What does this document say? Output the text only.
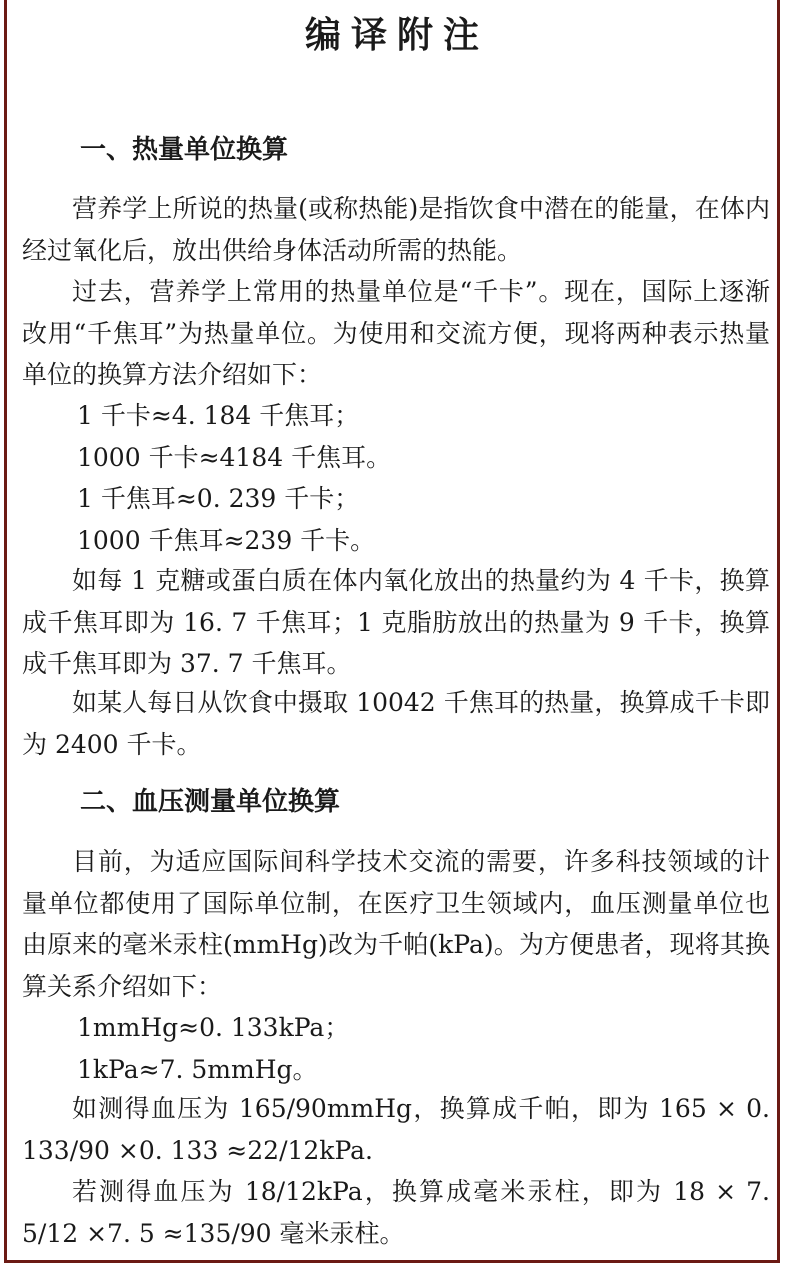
编译附注
一、热量单位换算

营养学上所说的热量(或称热能)是指饮食中潜在的能量，在体内经过氧化后，放出供给身体活动所需的热能。

过去，营养学上常用的热量单位是“千卡”。现在，国际上逐渐改用“千焦耳”为热量单位。为使用和交流方便，现将两种表示热量单位的换算方法介绍如下：

1 千卡≈4. 184 千焦耳；
1000 千卡≈4184 千焦耳。
1 千焦耳≈0. 239 千卡；
1000 千焦耳≈239 千卡。

如每 1 克糖或蛋白质在体内氧化放出的热量约为 4 千卡，换算成千焦耳即为 16. 7 千焦耳；1 克脂肪放出的热量为 9 千卡，换算成千焦耳即为 37. 7 千焦耳。

如某人每日从饮食中摄取 10042 千焦耳的热量，换算成千卡即为 2400 千卡。

二、血压测量单位换算

目前，为适应国际间科学技术交流的需要，许多科技领域的计量单位都使用了国际单位制，在医疗卫生领域内，血压测量单位也由原来的毫米汞柱(mmHg)改为千帕(kPa)。为方便患者，现将其换算关系介绍如下：

1mmHg≈0. 133kPa；
1kPa≈7. 5mmHg。

如测得血压为 165/90mmHg，换算成千帕，即为 165 × 0. 133/90 ×0. 133 ≈22/12kPa.

若测得血压为 18/12kPa，换算成毫米汞柱，即为 18 × 7. 5/12 ×7. 5 ≈135/90 毫米汞柱。
